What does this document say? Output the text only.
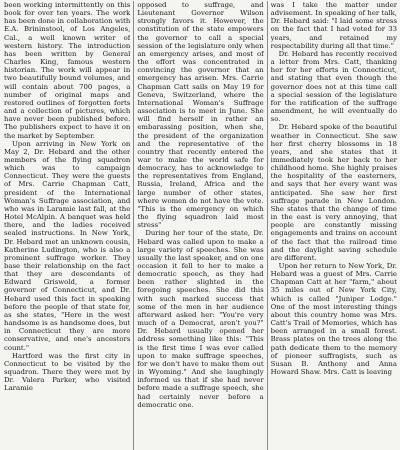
been working intermittently on this book for over ten years. The work has been done in collaboration with E.A. Brininstool, of Los Angeles, Cal., a well known writer of western history. The introduction has been written by General Charles King, famous western historian. The work will appear in two beautifully bound volumes, and will contain about 700 pages, a number of original maps and restored outlines of forgotten forts and a collection of pictures, which have never been published before. The publishers expect to have it on the market by September.

Upon arriving in New York on May 2, Dr. Hebard and the other members of the flying squadron which was to campaign Connecticut. They were the guests of Mrs. Carrie Chapman Catt, president of the International Woman's Suffrage association, and who was in Laramie last fall, at the Hotel McAlpin. A banquet was held there, and the ladies received sealed instructions. In New York, Dr. Hebard met an unknown cousin, Katherine Ludington, who is also a prominent suffrage worker. They base their relationship on the fact that they are descendants of Edward Griswold, a former governor of Connecticut, and Dr. Hebard used this fact in speaking before the people of that state for, as she states, "Here in the west handsome is as handsome does, but in Connecticut they are more conservative, and one's ancestors count."

Hartford was the first city in Connecticut to be visited by the squadron. There they were met by Dr. Valera Parker, who visited Laramie

opposed to suffrage, and Lieutenant Governor Wilson strongly favors it. However, the constitution of the state empowers the governor to call a special session of the legislature only when an emergency arises, and most of the effort was concentrated in convincing the governor that an emergency has arisen. Mrs. Carrie Chapman Catt sails on May 19 for Geneva, Switzerland, where the International Woman's Suffrage association is to meet in June. She will find herself in rather an embarassing position, when she, the president of the organization and the representative of the country that recently entered the war to make the world safe for democracy, has to acknowledge to the representatives from England, Russia, Ireland, Africa and the large number of other states, where women do not have the vote. "This is the emergency on which the flying squadron laid most stress"

During her tour of the state, Dr. Hebard was called upon to make a large variety of speeches. She was usually the last speaker, and on one occasion it fell to her to make a democratic speech, as they had been rather slighted in the foregoing speeches. She did this with such marked success that some of the men in her audience afterward asked her: "You're very much of a Democrat, aren't you?" Dr. Hebard usually opened her address something like this: "This is the first time I was ever called upon to make suffrage speeches, for we don't have to make them out in Wyoming." And she laughingly informed us that if she had never before made a suffrage speech, she had certainly never before a democratic one.

was I take the matter under advisement. In speaking of her talk, Dr. Hebard said: "I laid some stress on the fact that I had voted for 33 years, and retained my respectability during all that time."

Dr. Hebard has recently received a letter from Mrs. Catt, thanking her for her efforts in Connecticut, and stating that even though the governor does not at this time call a special session of the legislature for the ratification of the suffrage amendment, he will eventually do so.

Dr. Hebard spoke of the beautiful weather in Connecticut. She saw her first cherry blossoms in 18 years, and she states that it immediately took her back to her childhood home. She highly praises the hospitality of the easterners, and says that her every want was anticipated. She saw her first suffrage parade in New London. She states that the change of time in the east is very annoying, that people are constantly missing engagements and trains on account of the fact that the railroad time and the daylight saving schedule are different.

Upon her return to New York, Dr. Hebard was a guest of Mrs. Carrie Chapman Catt at her "farm," about 35 miles out of New York City, which is called "Juniper Lodge." One of the most interesting things about this country home was Mrs. Catt's Trail of Memories, which has been arranged in a small forest. Brass plates on the trees along the path dedicate them to the memory of pioneer suffragists, such as Susan B. Anthony and Anna Howard Shaw. Mrs. Catt is leaving
